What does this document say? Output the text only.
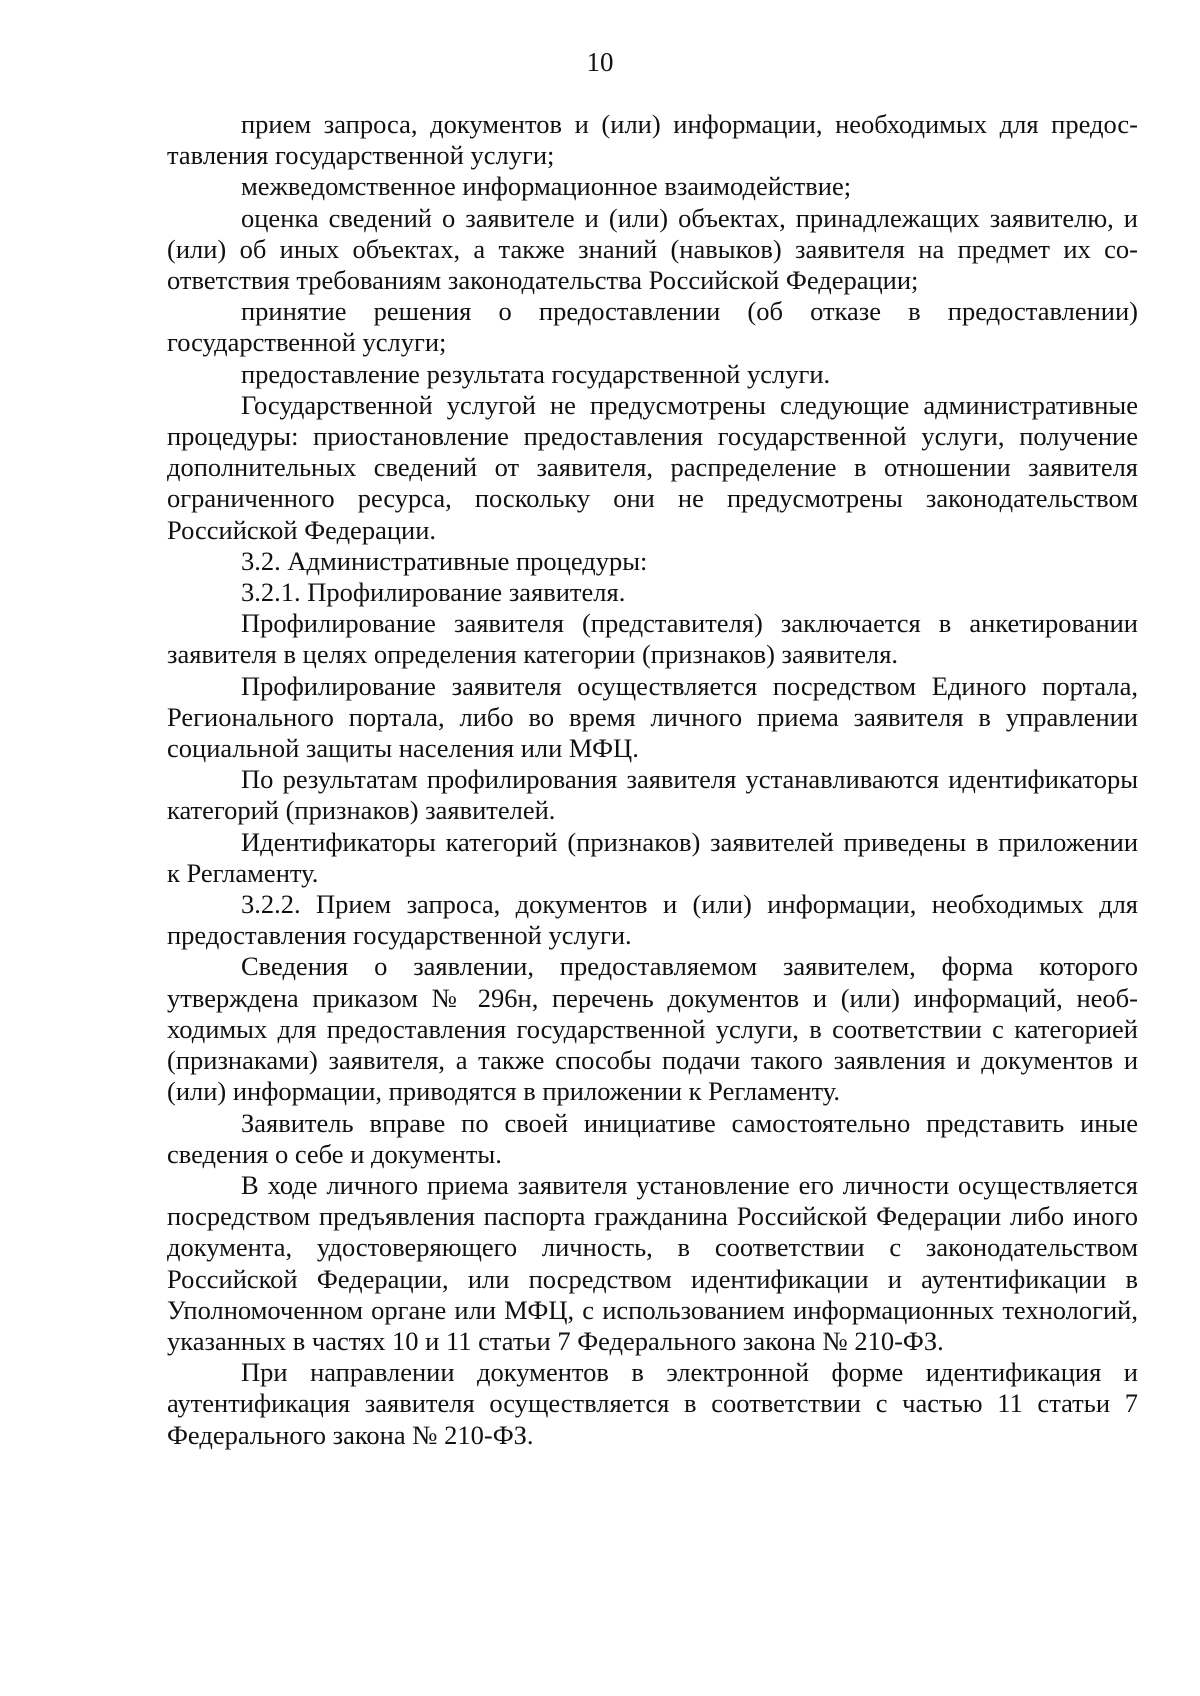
10

прием запроса, документов и (или) информации, необходимых для предоставления государственной услуги;

межведомственное информационное взаимодействие;

оценка сведений о заявителе и (или) объектах, принадлежащих заявителю, и (или) об иных объектах, а также знаний (навыков) заявителя на предмет их соответствия требованиям законодательства Российской Федерации;

принятие решения о предоставлении (об отказе в предоставлении) государственной услуги;

предоставление результата государственной услуги.

Государственной услугой не предусмотрены следующие административные процедуры: приостановление предоставления государственной услуги, получение дополнительных сведений от заявителя, распределение в отношении заявителя ограниченного ресурса, поскольку они не предусмотрены законодательством Российской Федерации.

3.2. Административные процедуры:

3.2.1. Профилирование заявителя.

Профилирование заявителя (представителя) заключается в анкетировании заявителя в целях определения категории (признаков) заявителя.

Профилирование заявителя осуществляется посредством Единого портала, Регионального портала, либо во время личного приема заявителя в управлении социальной защиты населения или МФЦ.

По результатам профилирования заявителя устанавливаются идентификаторы категорий (признаков) заявителей.

Идентификаторы категорий (признаков) заявителей приведены в приложении к Регламенту.

3.2.2. Прием запроса, документов и (или) информации, необходимых для предоставления государственной услуги.

Сведения о заявлении, предоставляемом заявителем, форма которого утверждена приказом № 296н, перечень документов и (или) информаций, необходимых для предоставления государственной услуги, в соответствии с категорией (признаками) заявителя, а также способы подачи такого заявления и документов и (или) информации, приводятся в приложении к Регламенту.

Заявитель вправе по своей инициативе самостоятельно представить иные сведения о себе и документы.

В ходе личного приема заявителя установление его личности осуществляется посредством предъявления паспорта гражданина Российской Федерации либо иного документа, удостоверяющего личность, в соответствии с законодательством Российской Федерации, или посредством идентификации и аутентификации в Уполномоченном органе или МФЦ, с использованием информационных технологий, указанных в частях 10 и 11 статьи 7 Федерального закона № 210-ФЗ.

При направлении документов в электронной форме идентификация и аутентификация заявителя осуществляется в соответствии с частью 11 статьи 7 Федерального закона № 210-ФЗ.
